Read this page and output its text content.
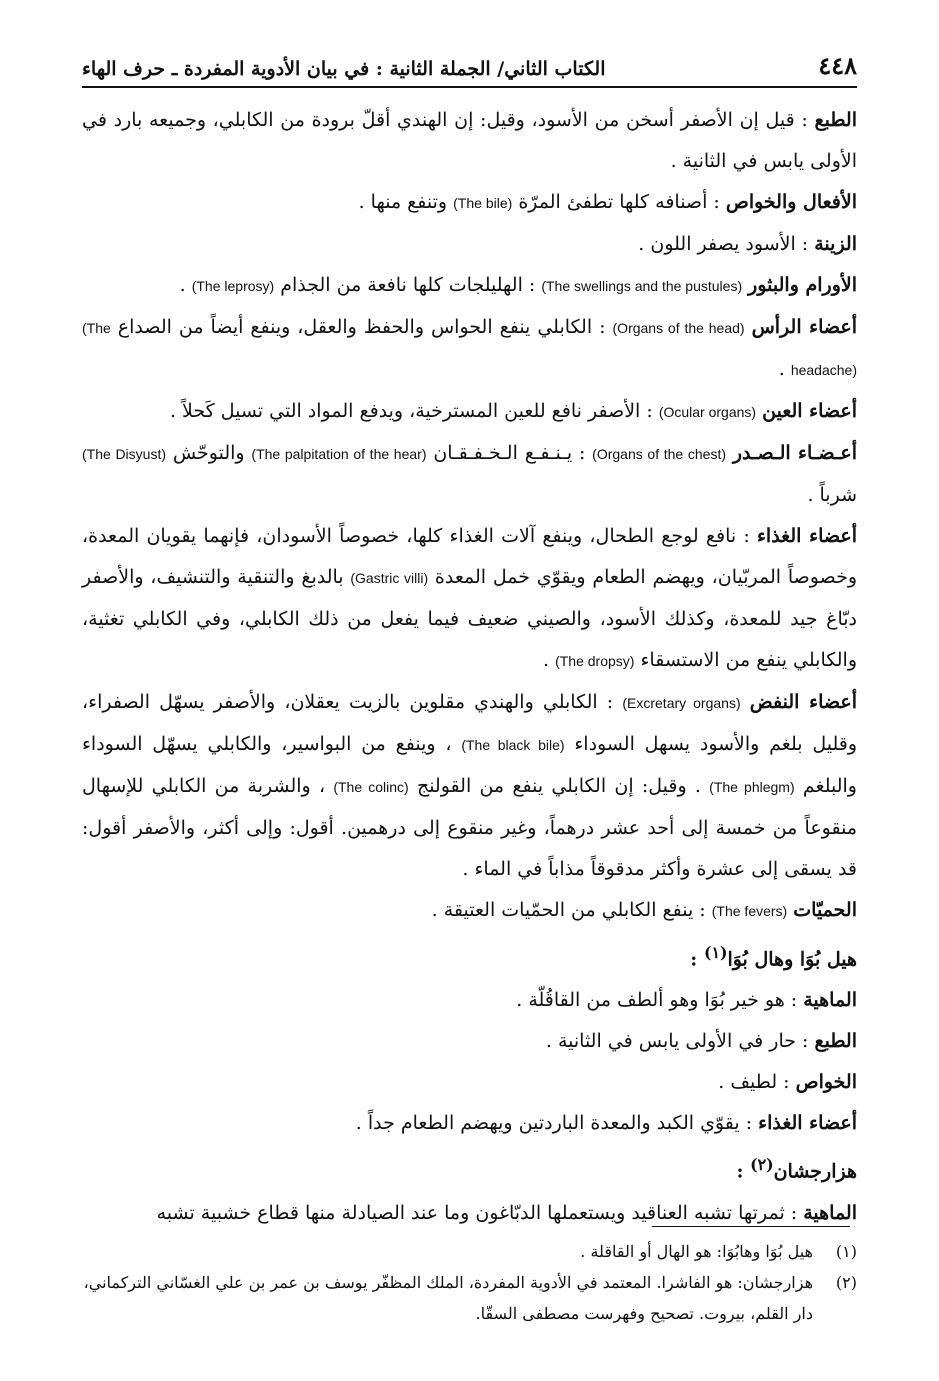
٤٤٨
الكتاب الثاني/ الجملة الثانية : في بيان الأدوية المفردة ـ حرف الهاء

الطبع : قيل إن الأصفر أسخن من الأسود، وقيل: إن الهندي أقلّ برودة من الكابلي، وجميعه بارد في الأولى يابس في الثانية .

الأفعال والخواص : أصنافه كلها تطفئ المرّة (The bile) وتنفع منها .

الزينة : الأسود يصفر اللون .

الأورام والبثور (The swellings and the pustules) : الهليلجات كلها نافعة من الجذام (The leprosy) .

أعضاء الرأس (Organs of the head) : الكابلي ينفع الحواس والحفظ والعقل، وينفع أيضاً من الصداع (The headache) .

أعضاء العين (Ocular organs) : الأصفر نافع للعين المسترخية، ويدفع المواد التي تسيل كَحلاً .

أعـضـاء الـصـدر (Organs of the chest) : يـنـفـع الـخـفـقـان (The palpitation of the hear) والتوحّش (The Disyust) شرباً .

أعضاء الغذاء : نافع لوجع الطحال، وينفع آلات الغذاء كلها، خصوصاً الأسودان، فإنهما يقويان المعدة، وخصوصاً المربّيان، ويهضم الطعام ويقوّي خمل المعدة (Gastric villi) بالدبغ والتنقية والتنشيف، والأصفر دبّاغ جيد للمعدة، وكذلك الأسود، والصيني ضعيف فيما يفعل من ذلك الكابلي، وفي الكابلي تغثية، والكابلي ينفع من الاستسقاء (The dropsy) .

أعضاء النفض (Excretary organs) : الكابلي والهندي مقلوين بالزيت يعقلان، والأصفر يسهّل الصفراء، وقليل بلغم والأسود يسهل السوداء (The black bile) ، وينفع من البواسير، والكابلي يسهّل السوداء والبلغم (The phlegm) . وقيل: إن الكابلي ينفع من القولنج (The colinc) ، والشربة من الكابلي للإسهال منقوعاً من خمسة إلى أحد عشر درهماً، وغير منقوع إلى درهمين. أقول: وإلى أكثر، والأصفر أقول: قد يسقى إلى عشرة وأكثر مدقوقاً مذاباً في الماء .

الحميّات (The fevers) : ينفع الكابلي من الحمّيات العتيقة .

هيل بُوَا وهال بُوَا$^{(١)}$ :

الماهية : هو خير بُوَا وهو ألطف من القاقُلّة .

الطبع : حار في الأولى يابس في الثانية .

الخواص : لطيف .

أعضاء الغذاء : يقوّي الكبد والمعدة الباردتين ويهضم الطعام جداً .

هزارجشان$^{(٢)}$ :

الماهية : ثمرتها تشبه العناقيد ويستعملها الدبّاغون وما عند الصيادلة منها قطاع خشبية تشبه

(١)
هيل بُوَا وهابُوَا: هو الهال أو القاقلة .
(٢)
هزارجشان: هو الفاشرا. المعتمد في الأدوية المفردة، الملك المظفّر يوسف بن عمر بن علي الغسّاني التركماني، دار القلم، بيروت. تصحيح وفهرست مصطفى السقّا.
